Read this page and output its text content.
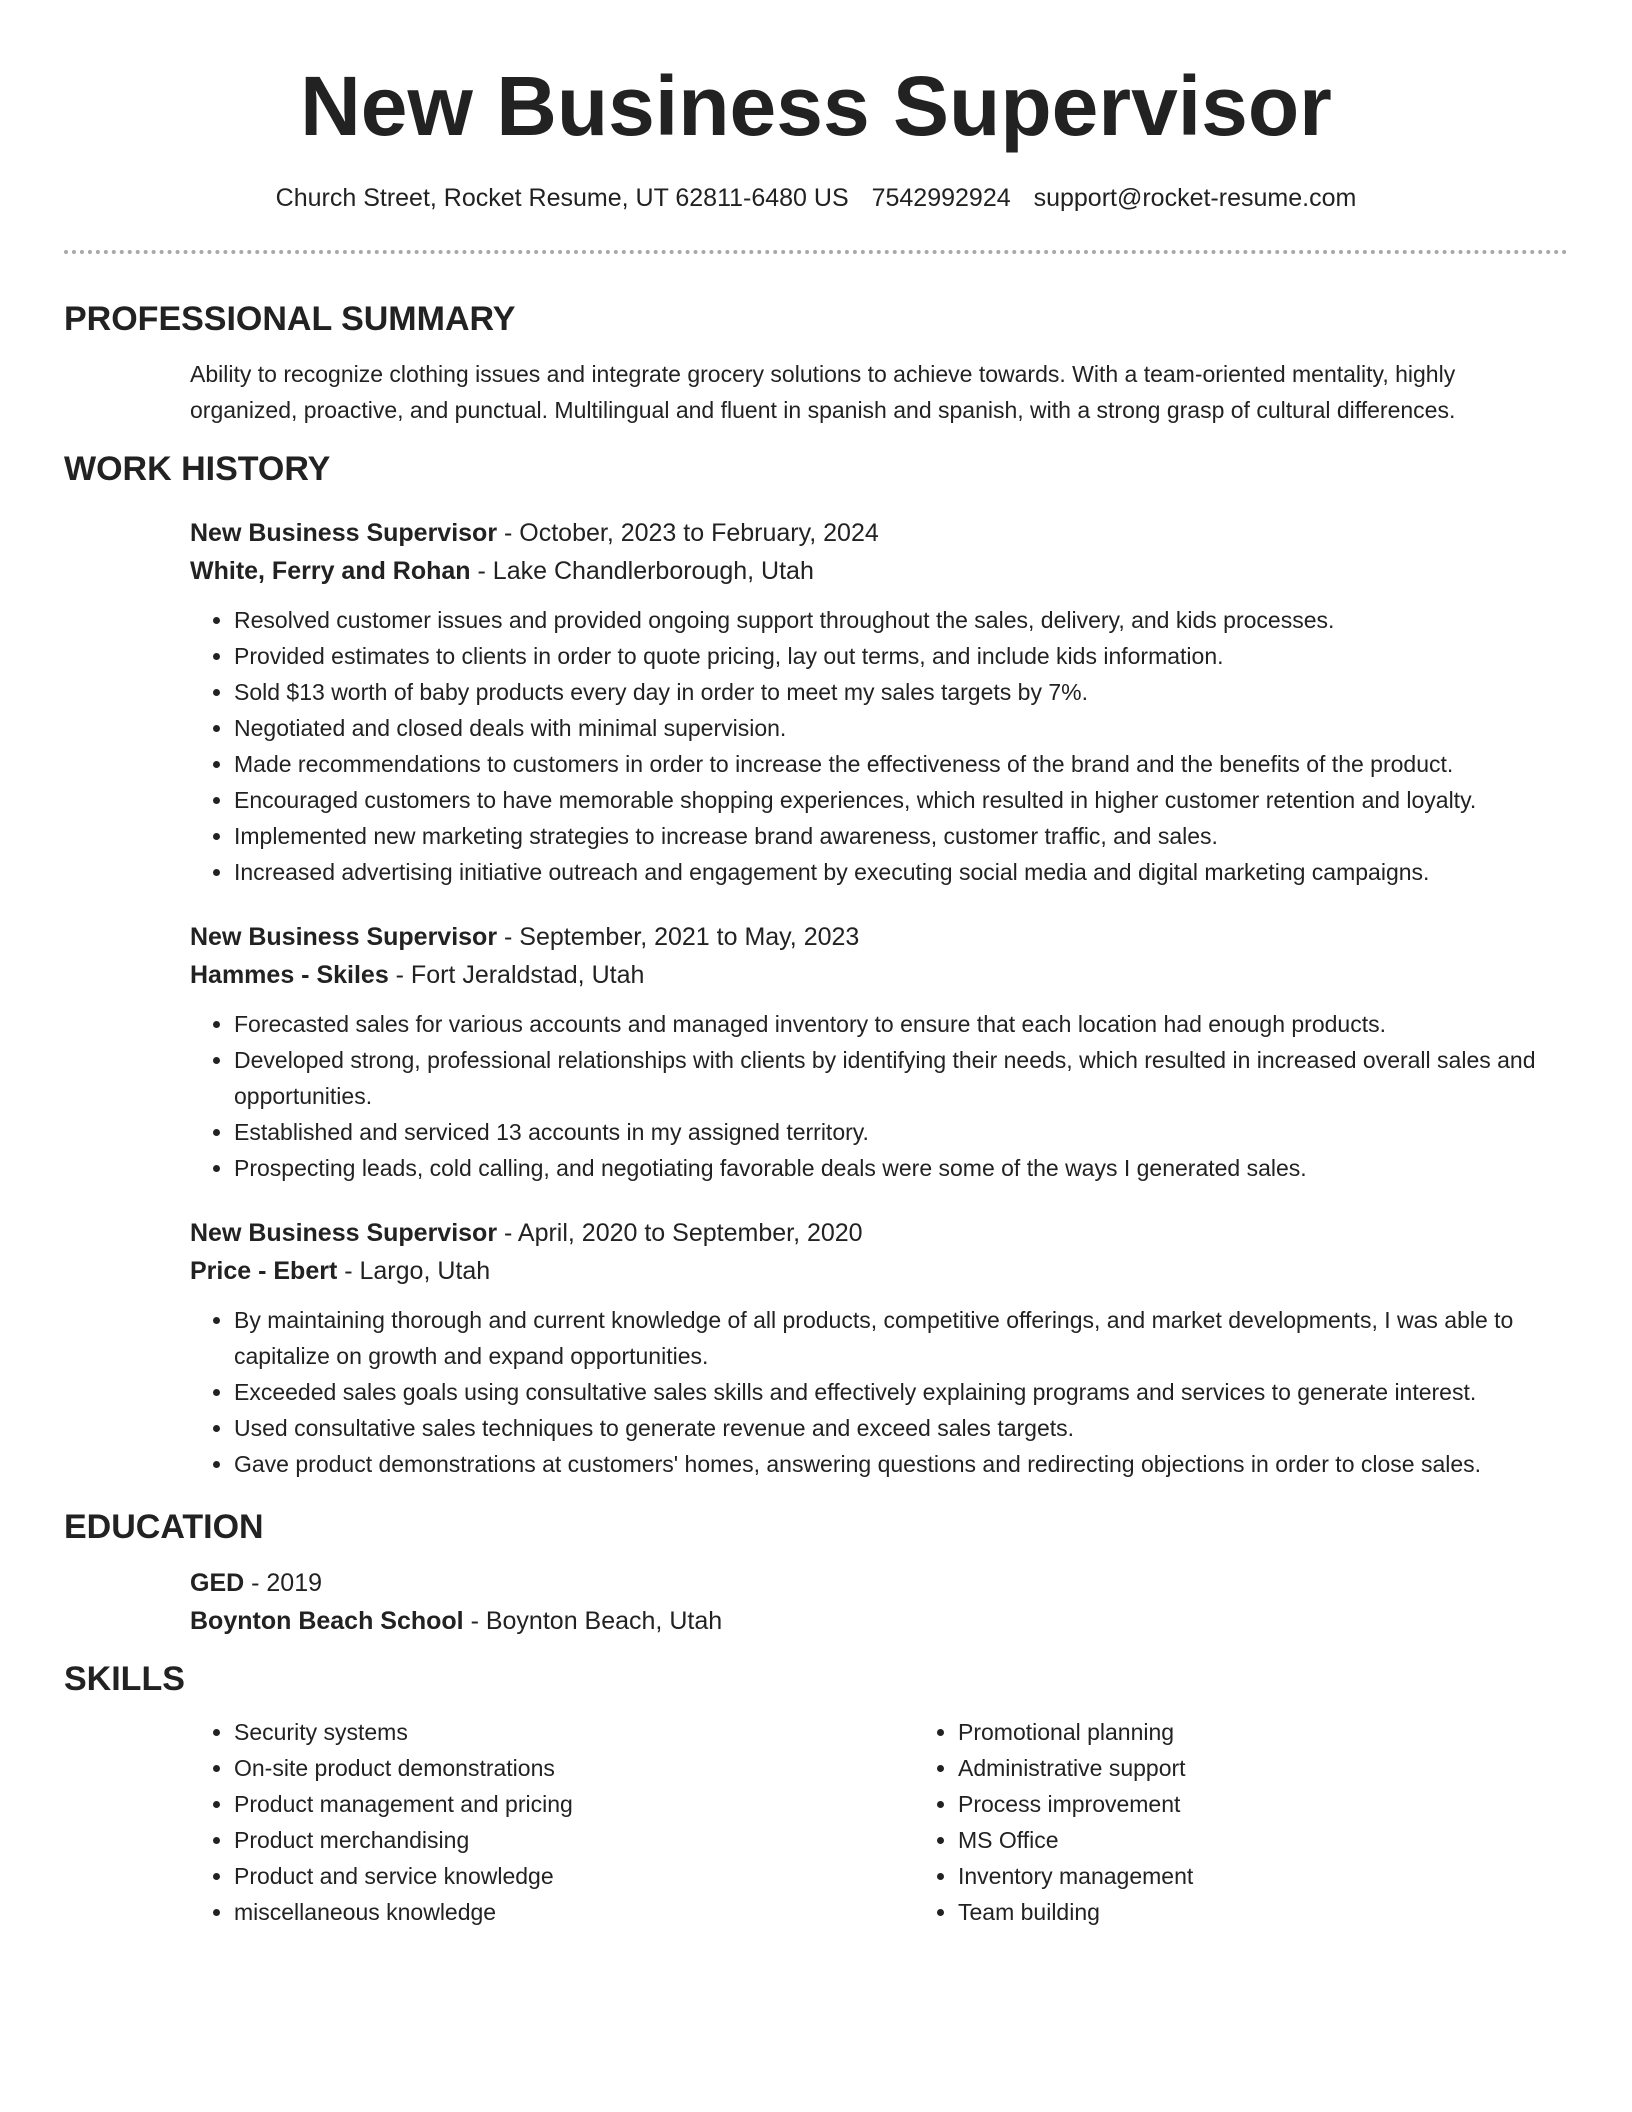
New Business Supervisor
Church Street, Rocket Resume, UT 62811-6480 US 7542992924 support@rocket-resume.com
PROFESSIONAL SUMMARY

Ability to recognize clothing issues and integrate grocery solutions to achieve towards. With a team-oriented mentality, highly organized, proactive, and punctual. Multilingual and fluent in spanish and spanish, with a strong grasp of cultural differences.

WORK HISTORY
New Business Supervisor - October, 2023 to February, 2024
White, Ferry and Rohan - Lake Chandlerborough, Utah
• Resolved customer issues and provided ongoing support throughout the sales, delivery, and kids processes.
• Provided estimates to clients in order to quote pricing, lay out terms, and include kids information.
• Sold $13 worth of baby products every day in order to meet my sales targets by 7%.
• Negotiated and closed deals with minimal supervision.
• Made recommendations to customers in order to increase the effectiveness of the brand and the benefits of the product.
• Encouraged customers to have memorable shopping experiences, which resulted in higher customer retention and loyalty.
• Implemented new marketing strategies to increase brand awareness, customer traffic, and sales.
• Increased advertising initiative outreach and engagement by executing social media and digital marketing campaigns.
New Business Supervisor - September, 2021 to May, 2023
Hammes - Skiles - Fort Jeraldstad, Utah
• Forecasted sales for various accounts and managed inventory to ensure that each location had enough products.
• Developed strong, professional relationships with clients by identifying their needs, which resulted in increased overall sales and opportunities.
• Established and serviced 13 accounts in my assigned territory.
• Prospecting leads, cold calling, and negotiating favorable deals were some of the ways I generated sales.
New Business Supervisor - April, 2020 to September, 2020
Price - Ebert - Largo, Utah
• By maintaining thorough and current knowledge of all products, competitive offerings, and market developments, I was able to capitalize on growth and expand opportunities.
• Exceeded sales goals using consultative sales skills and effectively explaining programs and services to generate interest.
• Used consultative sales techniques to generate revenue and exceed sales targets.
• Gave product demonstrations at customers' homes, answering questions and redirecting objections in order to close sales.
EDUCATION
GED - 2019
Boynton Beach School - Boynton Beach, Utah
SKILLS
• Security systems
• On-site product demonstrations
• Product management and pricing
• Product merchandising
• Product and service knowledge
• miscellaneous knowledge
• Promotional planning
• Administrative support
• Process improvement
• MS Office
• Inventory management
• Team building
